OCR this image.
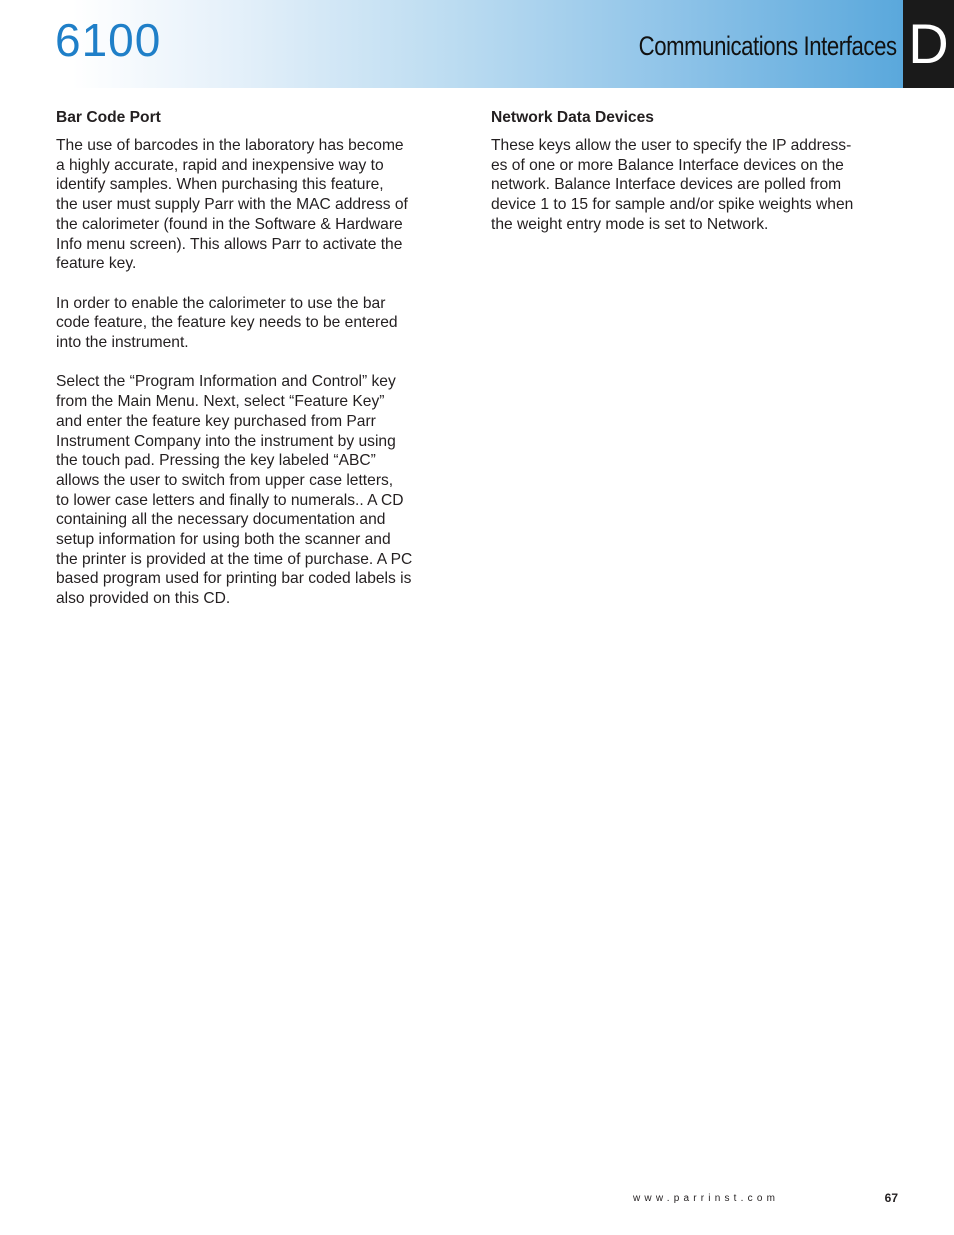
6100	Communications Interfaces D
Bar Code Port

The use of barcodes in the laboratory has become
a highly accurate, rapid and inexpensive way to
identify samples. When purchasing this feature,
the user must supply Parr with the MAC address of
the calorimeter (found in the Software & Hardware
Info menu screen). This allows Parr to activate the
feature key.

In order to enable the calorimeter to use the bar
code feature, the feature key needs to be entered
into the instrument.

Select the “Program Information and Control” key
from the Main Menu. Next, select “Feature Key”
and enter the feature key purchased from Parr
Instrument Company into the instrument by using
the touch pad. Pressing the key labeled “ABC”
allows the user to switch from upper case letters,
to lower case letters and finally to numerals.. A CD
containing all the necessary documentation and
setup information for using both the scanner and
the printer is provided at the time of purchase. A PC
based program used for printing bar coded labels is
also provided on this CD.

Network Data Devices

These keys allow the user to specify the IP address-
es of one or more Balance Interface devices on the
network. Balance Interface devices are polled from
device 1 to 15 for sample and/or spike weights when
the weight entry mode is set to Network.

www.parrinst.com	67
